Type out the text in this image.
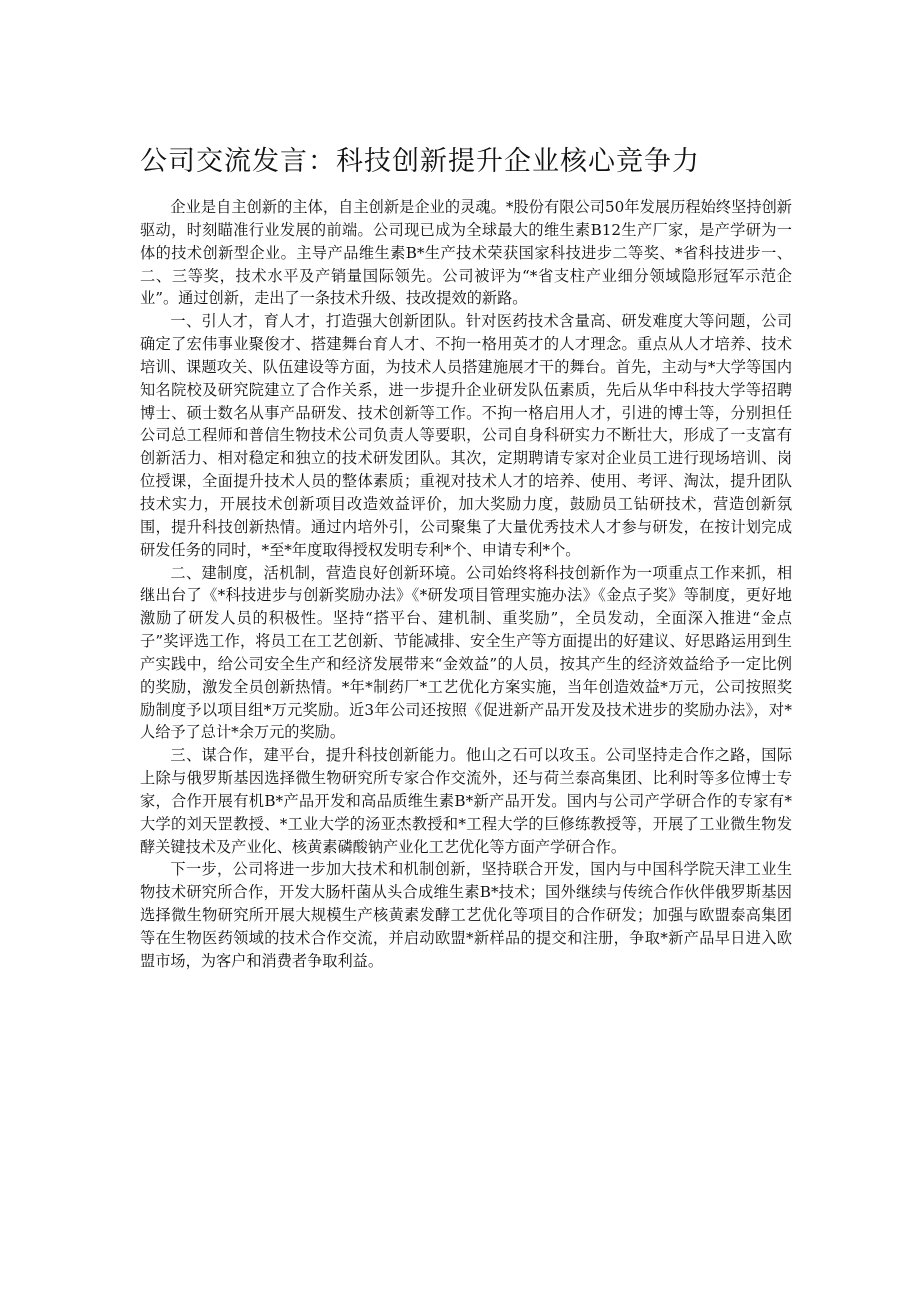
公司交流发言：科技创新提升企业核心竞争力

企业是自主创新的主体，自主创新是企业的灵魂。*股份有限公司50年发展历程始终坚持创新驱动，时刻瞄准行业发展的前端。公司现已成为全球最大的维生素B12生产厂家，是产学研为一体的技术创新型企业。主导产品维生素B*生产技术荣获国家科技进步二等奖、*省科技进步一、二、三等奖，技术水平及产销量国际领先。公司被评为“*省支柱产业细分领域隐形冠军示范企业”。通过创新，走出了一条技术升级、技改提效的新路。

一、引人才，育人才，打造强大创新团队。针对医药技术含量高、研发难度大等问题，公司确定了宏伟事业聚俊才、搭建舞台育人才、不拘一格用英才的人才理念。重点从人才培养、技术培训、课题攻关、队伍建设等方面，为技术人员搭建施展才干的舞台。首先，主动与*大学等国内知名院校及研究院建立了合作关系，进一步提升企业研发队伍素质，先后从华中科技大学等招聘博士、硕士数名从事产品研发、技术创新等工作。不拘一格启用人才，引进的博士等，分别担任公司总工程师和普信生物技术公司负责人等要职，公司自身科研实力不断壮大，形成了一支富有创新活力、相对稳定和独立的技术研发团队。其次，定期聘请专家对企业员工进行现场培训、岗位授课，全面提升技术人员的整体素质；重视对技术人才的培养、使用、考评、淘汰，提升团队技术实力，开展技术创新项目改造效益评价，加大奖励力度，鼓励员工钻研技术，营造创新氛围，提升科技创新热情。通过内培外引，公司聚集了大量优秀技术人才参与研发，在按计划完成研发任务的同时，*至*年度取得授权发明专利*个、申请专利*个。

二、建制度，活机制，营造良好创新环境。公司始终将科技创新作为一项重点工作来抓，相继出台了《*科技进步与创新奖励办法》《*研发项目管理实施办法》《金点子奖》等制度，更好地激励了研发人员的积极性。坚持“搭平台、建机制、重奖励”，全员发动，全面深入推进“金点子”奖评选工作，将员工在工艺创新、节能减排、安全生产等方面提出的好建议、好思路运用到生产实践中，给公司安全生产和经济发展带来“金效益”的人员，按其产生的经济效益给予一定比例的奖励，激发全员创新热情。*年*制药厂*工艺优化方案实施，当年创造效益*万元，公司按照奖励制度予以项目组*万元奖励。近3年公司还按照《促进新产品开发及技术进步的奖励办法》，对*人给予了总计*余万元的奖励。

三、谋合作，建平台，提升科技创新能力。他山之石可以攻玉。公司坚持走合作之路，国际上除与俄罗斯基因选择微生物研究所专家合作交流外，还与荷兰泰高集团、比利时等多位博士专家，合作开展有机B*产品开发和高品质维生素B*新产品开发。国内与公司产学研合作的专家有*大学的刘天罡教授、*工业大学的汤亚杰教授和*工程大学的巨修练教授等，开展了工业微生物发酵关键技术及产业化、核黄素磷酸钠产业化工艺优化等方面产学研合作。

下一步，公司将进一步加大技术和机制创新，坚持联合开发，国内与中国科学院天津工业生物技术研究所合作，开发大肠杆菌从头合成维生素B*技术；国外继续与传统合作伙伴俄罗斯基因选择微生物研究所开展大规模生产核黄素发酵工艺优化等项目的合作研发；加强与欧盟泰高集团等在生物医药领域的技术合作交流，并启动欧盟*新样品的提交和注册，争取*新产品早日进入欧盟市场，为客户和消费者争取利益。
